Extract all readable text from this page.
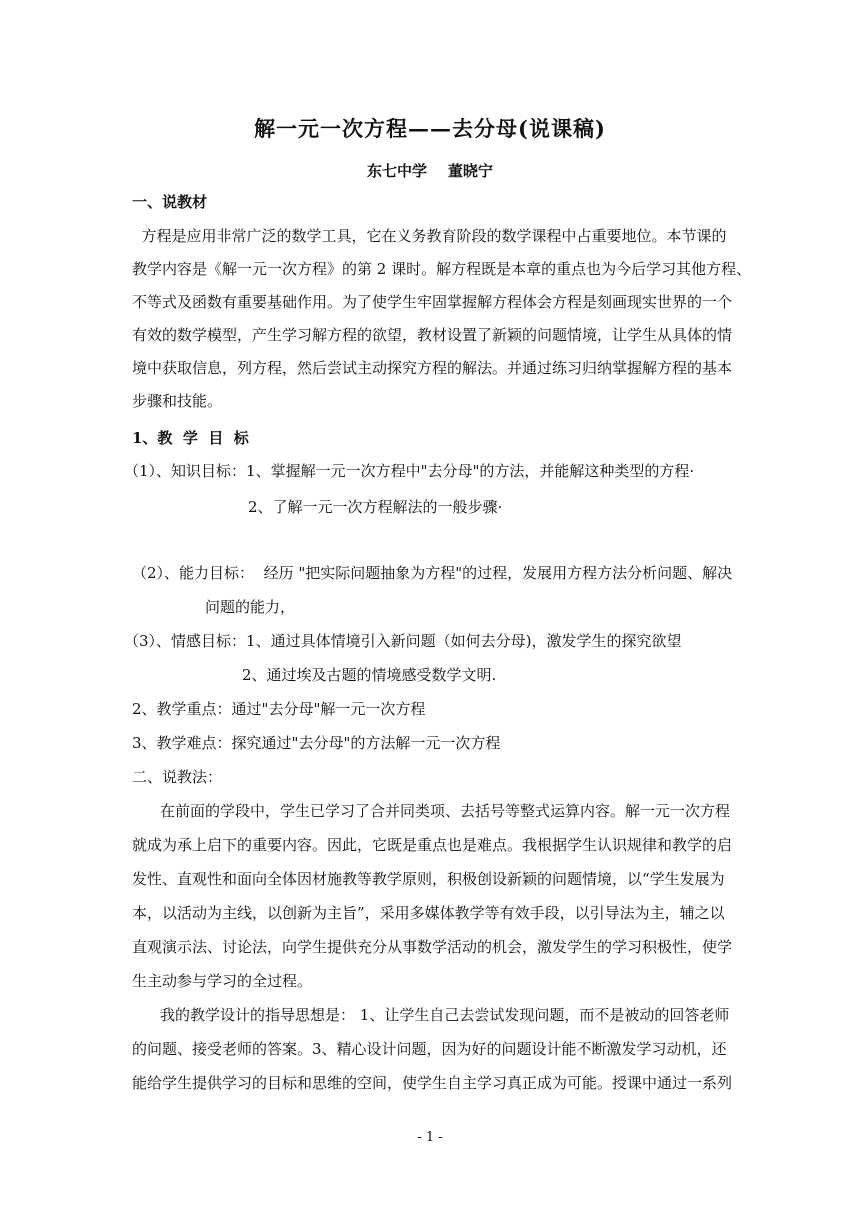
解一元一次方程——去分母(说课稿)
东七中学    董晓宁
一、说教材
方程是应用非常广泛的数学工具，它在义务教育阶段的数学课程中占重要地位。本节课的
教学内容是《解一元一次方程》的第 2 课时。解方程既是本章的重点也为今后学习其他方程、
不等式及函数有重要基础作用。为了使学生牢固掌握解方程体会方程是刻画现实世界的一个
有效的数学模型，产生学习解方程的欲望，教材设置了新颖的问题情境，让学生从具体的情
境中获取信息，列方程，然后尝试主动探究方程的解法。并通过练习归纳掌握解方程的基本
步骤和技能。
1、教  学  目  标
（1）、知识目标：1、掌握解一元一次方程中"去分母"的方法，并能解这种类型的方程·
2、了解一元一次方程解法的一般步骤·
（2）、能力目标：  经历 "把实际问题抽象为方程"的过程，发展用方程方法分析问题、解决
问题的能力，
（3）、情感目标：1、通过具体情境引入新问题（如何去分母)，激发学生的探究欲望
2、通过埃及古题的情境感受数学文明.
2、教学重点：通过"去分母"解一元一次方程
3、教学难点：探究通过"去分母"的方法解一元一次方程
二、说教法：
在前面的学段中，学生已学习了合并同类项、去括号等整式运算内容。解一元一次方程
就成为承上启下的重要内容。因此，它既是重点也是难点。我根据学生认识规律和教学的启
发性、直观性和面向全体因材施教等教学原则，积极创设新颖的问题情境，以“学生发展为
本，以活动为主线，以创新为主旨”，采用多媒体教学等有效手段，以引导法为主，辅之以
直观演示法、讨论法，向学生提供充分从事数学活动的机会，激发学生的学习积极性，使学
生主动参与学习的全过程。
我的教学设计的指导思想是： 1、让学生自己去尝试发现问题，而不是被动的回答老师
的问题、接受老师的答案。3、精心设计问题，因为好的问题设计能不断激发学习动机，还
能给学生提供学习的目标和思维的空间，使学生自主学习真正成为可能。授课中通过一系列
- 1 -
